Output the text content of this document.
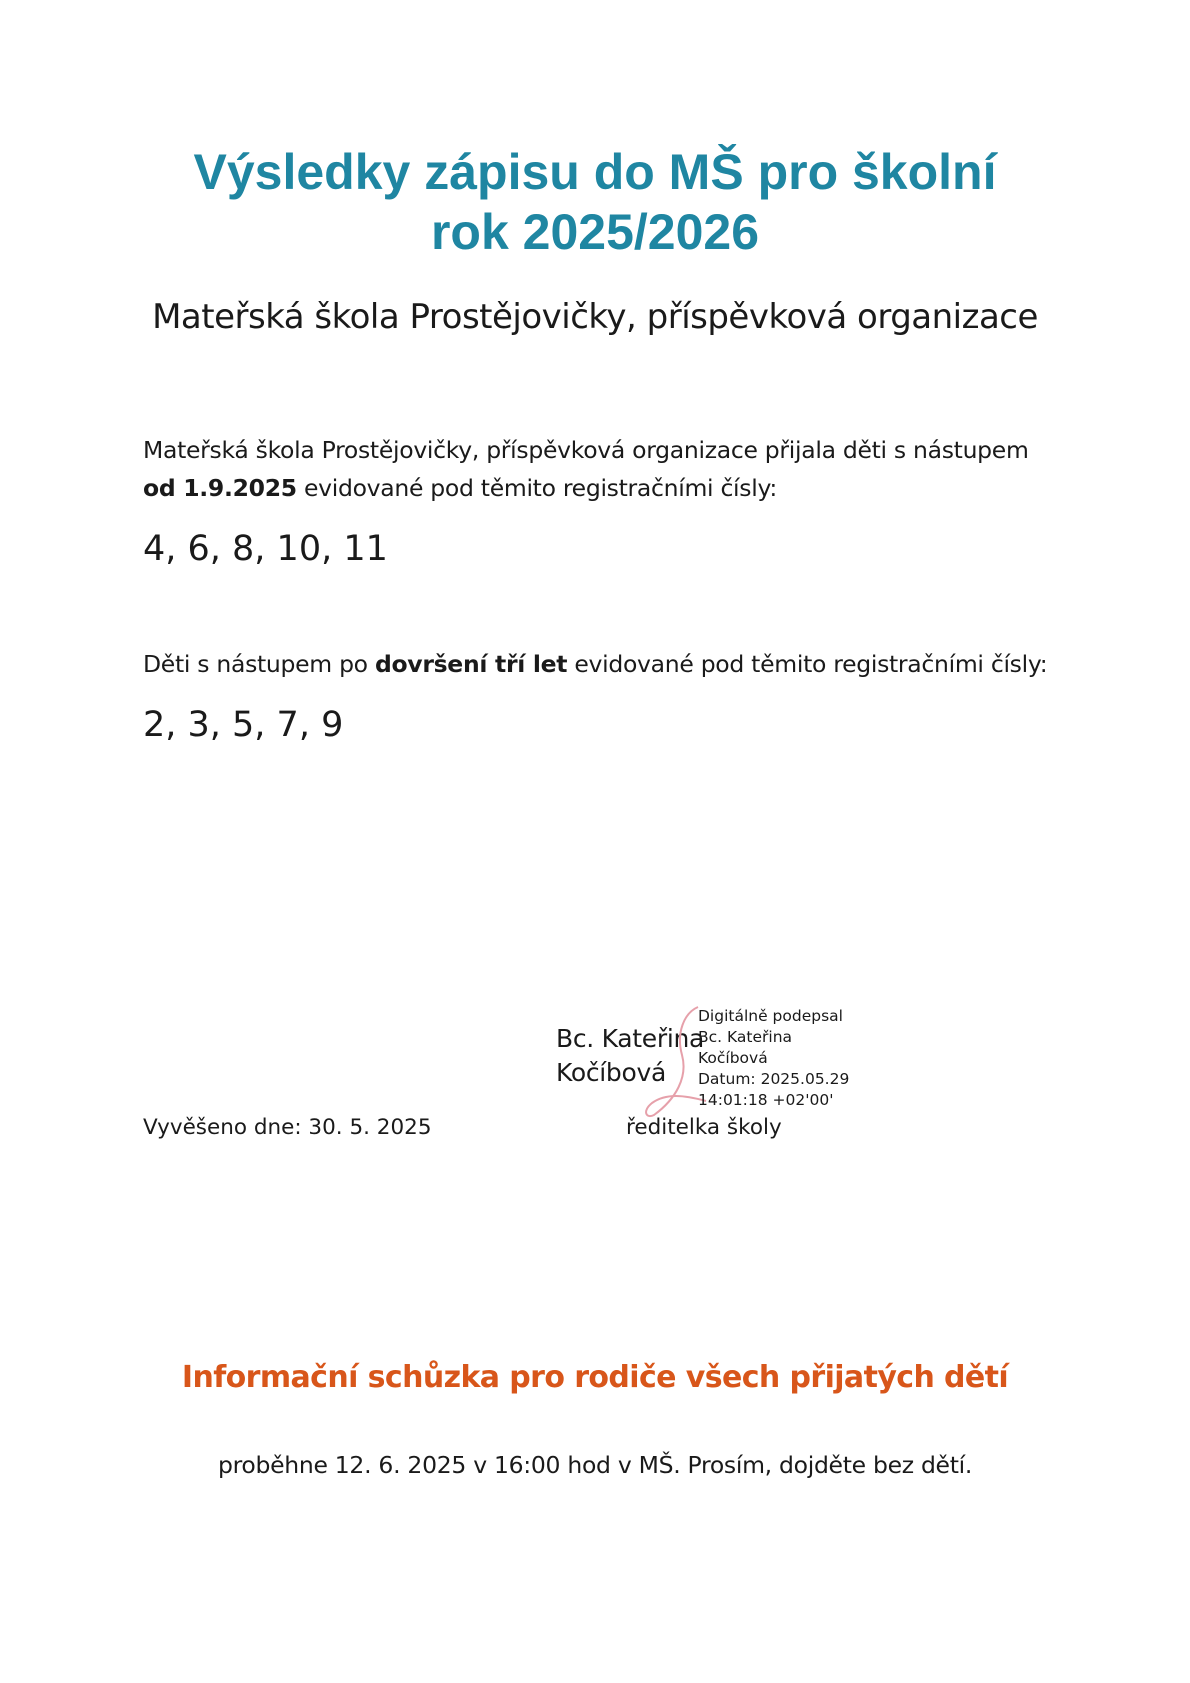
Výsledky zápisu do MŠ pro školní
rok 2025/2026
Mateřská škola Prostějovičky, příspěvková organizace
Mateřská škola Prostějovičky, příspěvková organizace přijala děti s nástupem
od 1.9.2025 evidované pod těmito registračními čísly:
4, 6, 8, 10, 11
Děti s nástupem po dovršení tří let evidované pod těmito registračními čísly:
2, 3, 5, 7, 9
Bc. Kateřina
Kočíbová
Digitálně podepsal
Bc. Kateřina
Kočíbová
Datum: 2025.05.29
14:01:18 +02'00'
Vyvěšeno dne: 30. 5. 2025	ředitelka školy
Informační schůzka pro rodiče všech přijatých dětí
proběhne 12. 6. 2025 v 16:00 hod v MŠ. Prosím, dojděte bez dětí.
